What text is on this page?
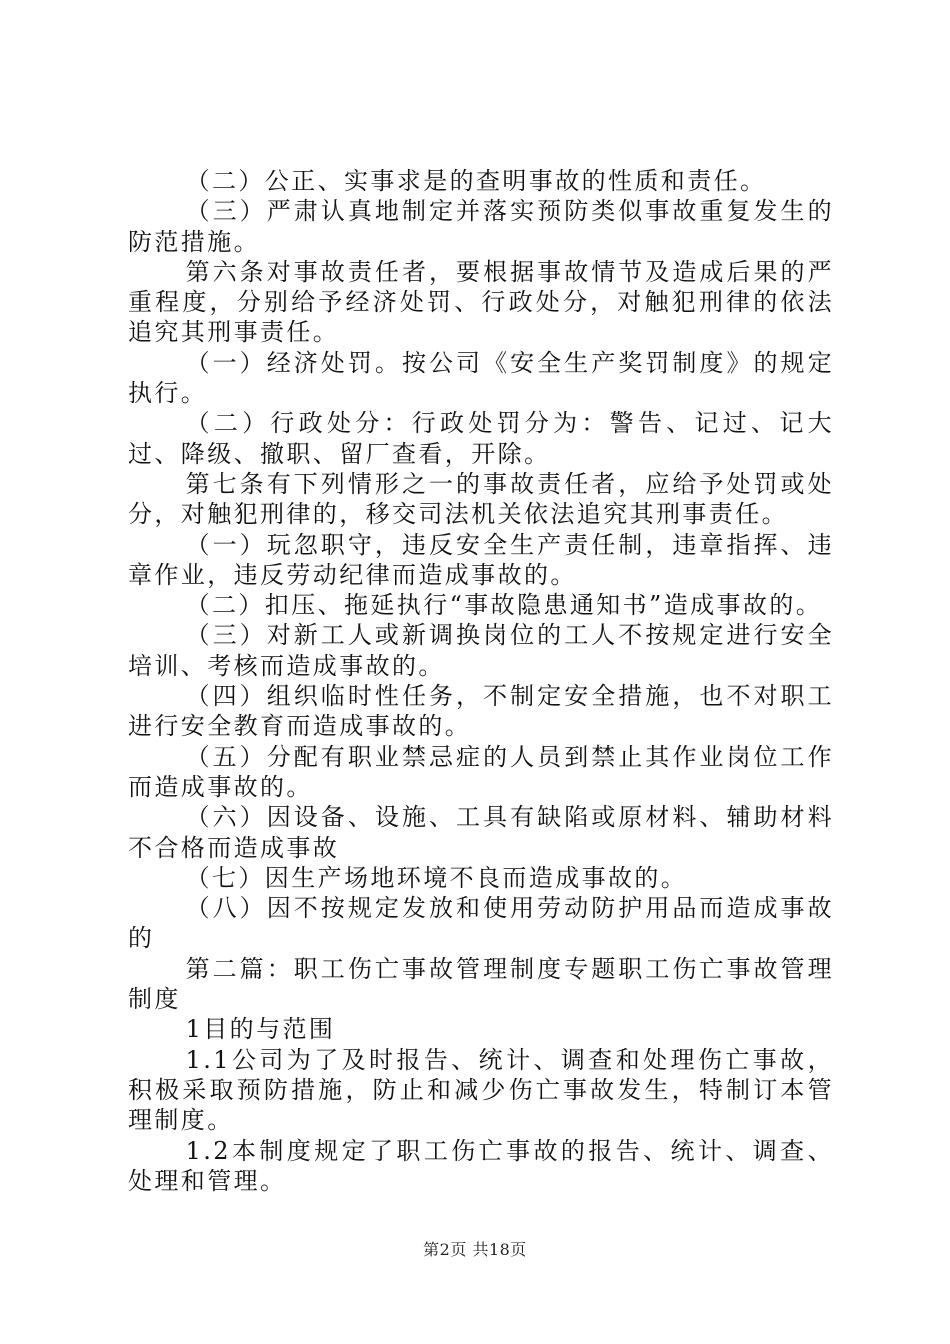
（二）公正、实事求是的查明事故的性质和责任。

（三）严肃认真地制定并落实预防类似事故重复发生的防范措施。

第六条对事故责任者，要根据事故情节及造成后果的严重程度，分别给予经济处罚、行政处分，对触犯刑律的依法追究其刑事责任。

（一）经济处罚。按公司《安全生产奖罚制度》的规定执行。

（二）行政处分：行政处罚分为：警告、记过、记大过、降级、撤职、留厂查看，开除。

第七条有下列情形之一的事故责任者，应给予处罚或处分，对触犯刑律的，移交司法机关依法追究其刑事责任。

（一）玩忽职守，违反安全生产责任制，违章指挥、违章作业，违反劳动纪律而造成事故的。

（二）扣压、拖延执行“事故隐患通知书”造成事故的。

（三）对新工人或新调换岗位的工人不按规定进行安全培训、考核而造成事故的。

（四）组织临时性任务，不制定安全措施，也不对职工进行安全教育而造成事故的。

（五）分配有职业禁忌症的人员到禁止其作业岗位工作而造成事故的。

（六）因设备、设施、工具有缺陷或原材料、辅助材料不合格而造成事故

（七）因生产场地环境不良而造成事故的。

（八）因不按规定发放和使用劳动防护用品而造成事故的

第二篇：职工伤亡事故管理制度专题职工伤亡事故管理制度

1目的与范围

1.1公司为了及时报告、统计、调查和处理伤亡事故，积极采取预防措施，防止和减少伤亡事故发生，特制订本管理制度。

1.2本制度规定了职工伤亡事故的报告、统计、调查、处理和管理。

第2页 共18页
